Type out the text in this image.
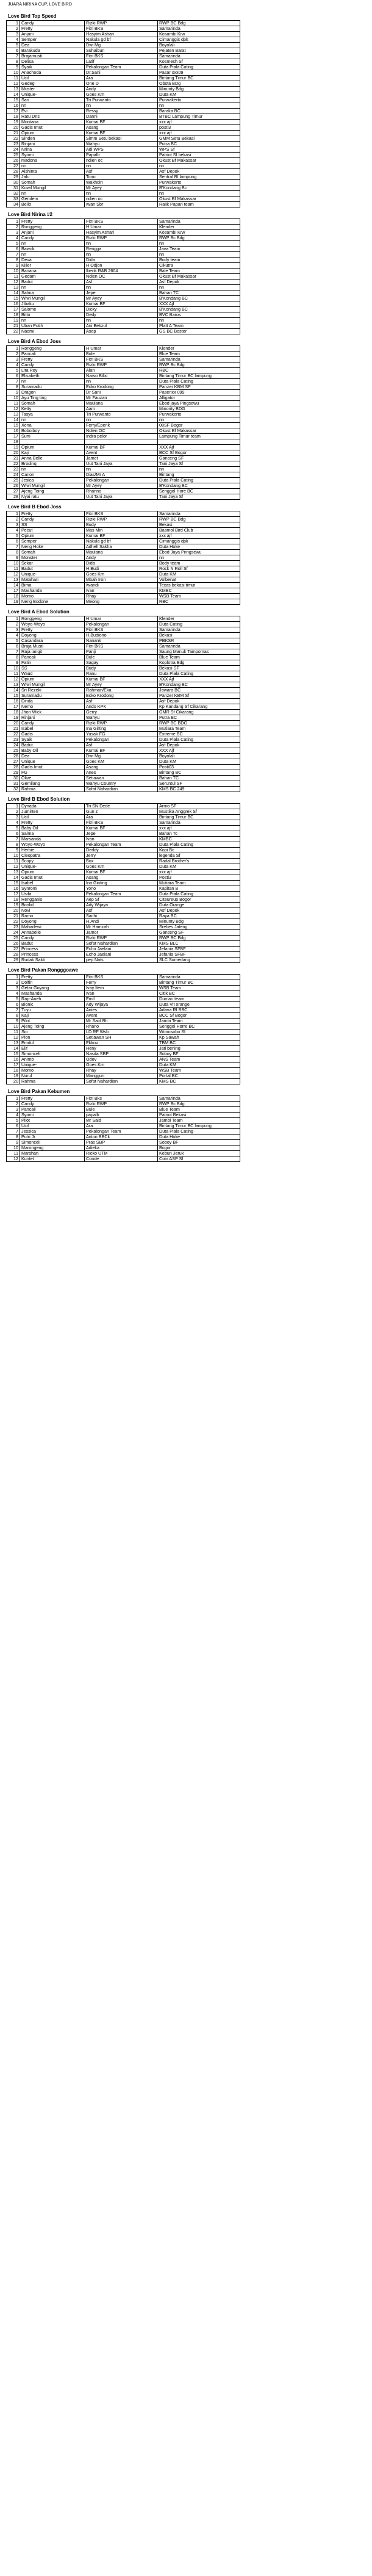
JUARA NIRINA CUP, LOVE BIRD
Love Bird Top Speed
1	Candy	Rizki RWP	RWP BC Bdg
2	Fretty	Fitri BKS	Samarinda
3	Anjani	Hasyim Ashari	Kosambi Krw
4	Semper	Nakula gd bf	Cimanggis dpk
5	Dea	Dwi Mg	Boyolali
6	Barakuda	Suhaibun	Pejaten Barat
7	Brajamusti	Fitri BKS	Samarinda
8	Delisa	Latif	Kosmesh Sf
9	Syaik	Pekalongan Team	Duta Piala Cating
10	Anachoda	Dr.Sani	Pasar xxx09
11	Ucil	Ara	Bintang Timur BC
12	Gedeg	One D	Obsta BDg
13	Muster	Andy	Minunty Bdg
14	Unique-	Goes Km	Duta KM
15	Sari	Tri Purwanto	Purwakerto
16	nn	nn	nn
17	Evi	Ressy	Baraka BC
18	Ratu Dns	Danni	BTBC Lampung Timur
19	Montana	Kumai BF	xxx ajf
20	Gadis Imut	Asang	posti3
21	Opium	Kumai BF	xxx ajf
22	Sinden	Simm Setu bekasi	GMM Setu Bekasi
23	Rinjani	Wahyu	Putra BC
24	Nrina	Adi WPS	WPS Sf
25	Syomi	Papalb	Patriot Sf bekasi
26	madona	ndien oc	Okust Bf Makassar
27	nn	nn	nn
28	Alshinta	Asf	Asf Depok
29	Jalu	Tono	Sentral Bf lampung
30	Somah	Wakhdin	Purwakerto
31	Kowil Mungil	Mr Ayey	B'Kondang Bc
32	nn	nn	nn
33	Gendem	ndien oc	Okust Bf Makassar
34	Bello	Iwan Sbr	Raiik Papan team
Love Bird Nirina #2
1	Fretty	Fitri BKS	Samarinda
2	Ronggeng	H.Umar	Klender
3	Anjani	Hasyim Ashari	Kosambi Krw
4	Candy	Rizki RWP	RWP Bc Bdg
5	nn	nn	nn
6	Bawok	Rengga	Java Team
7	nn	nn	nn
8	Deva	Dida	Body team
9	Killer	H Odjon	Cikutra
10	Banana	Ibenk R&B 2604	Bale Team
11	Gedam	Ndien OC	Okust Bf Makassar
12	Badut	Asf	Asf Depok
13	nn	nn	nn
14	Salma	Jepe	Bahan TC
15	Wiwi Mungil	Mr Ayey	B'Kondang BC
16	Jibaku	Kumai BF	XXX Ajf
17	Salome	Dicky	B'Kondang BC
18	Bitto	Dedy	BVC Baros
19	nn	nn	nn
21	Uban Putih	Ani Bekzul	Platt A Team
22	Naomi	Asep	GS BC Boster
Love Bird A Ebod Joss
1	Ronggeng	H Umar	Klender
2	Pancali	Bule	Blue Team
3	Fretty	Fitri BKS	Samarinda
4	Candy	Rizki RWP	RWP Bc Bdg
5	Lita Roy	Alan	RBC
6	Elisabeth	Narso Btbc	Bintang Timur BC lampung
7	nn	nn	Duta Piala Cating
8	Suramadu	Ecko Krodong	Panzer KBM SF
9	Dragon	Dr Sani	Pasenxx 099
10	Ayu Ting ting	Mr Fauzan	Alligator
11	Somah	Maulana	Ebod jaya Pingsewu
12	Ketty	Aam	Minority BDG
13	Tasya	Tri Purwanto	Purwakerto
14	nn	nn	nn
15	Xena	Ferry/Epenk	08SF Bogor
16	Boboiboy	Ndien OC	Okust Bf Makassar
17	Surti	Indra pelor	Lampung Timur team
18			
19	Opium	Kumai BF	XXX Ajf
20	Kaji	Avent	BCC Sf Bogor
21	Anna Belle	Jamet	Ganceng SF
22	Brodinq	Uut Tani Jaya	Tani Jaya Sf
23	nn	nn	nn
24	Canon	Dias/Mr A	Bintang
25	Jesica	Pekalongan	Duta Piala Cating
26	Wiwi Mungil	Mr Ayey	B'Kondang BC
27	Ajeng Toing	Rhanno	Senggol Hore BC
28	Nyai ratu	Uut Tani Jaya	Tani Jaya Sf
Love Bird B Ebod Joss
1	Fretty	Fitri BKS	Samarinda
2	Candy	Rizki RWP	RWP BC Bdg
3	SS	Budy	Bekasi
4	Pecut	Mas Min	Basmol Bird Club
5	Opium	Kumai BF	xxx ajf
6	Semper	Nakula gd bf	Cimanggis dpk
7	Neng Hoke	Adhell Sakha	Duta Hoke
8	Somah	Maulana	Ebod Jaya Pringsewu
9	Monster	Andy	nn
10	Sekar	Dida	Body team
11	Badut	H.Budi	Rock N Roll Sf
12	Unique-	Goes Km	Duta KM
13	Matahari	Mbah Iron	Volbenat
14	Bima	Iwandi	Texas bekasi timut
17	Mashanda	Ivan	KMBC
18	Momo	Rhay	WSB Team
19	Neng Bodone	Meong	RBC
Love Bird A Ebod Solution
1	Ronggeng	H.Umar	Klender
2	Woyo-Woyo	Pekalongan	Duta Cating
3	Fretty	Fitri BKS	Samarinda
4	Doyong	H.Budiono	Bekasi
5	Casandara	Nanank	PBKSR
6	Braja Musti	Fitri BKS	Samarinda
7	Raja langit	Panji	Saung Manuk Tampomas
8	Pancali	Bule	Blue Team
9	Fatin	Sagay	Koplotra Bdg
10	SS	Budy	Bekasi SF
11	Waud	Ranu	Duta Piala Cating
12	Opium	Kumai BF	XXX Ajf
13	Wiwi Mungil	Mr Ayey	B'Kondang BC
14	Sri Rezeki	Rahman/Eka	Jawara BC
15	Suramadu	Ecko Krodong	Panzer KBM Sf
16	Dinda	Asf	Asf Depok
17	Nemo	Ando KPK	Kp Kandang Sf Cikarang
18	Jhon Wick	Gerry	GMR Sf Cikarang
19	Rinjani	Wahyu	Putra BC
20	Candy	Rizki RWP	RWP BC BDG
21	Isabel	Ina Girting	Mutiara Team
22	Gadis	Yusak FG	Extreme BC
23	Syaik	Pekalongan	Duta Piala Cating
24	Badut	Asf	Asf Depok
25	Baby Oil	Kumai BF	XXX Ajf
26	Dea	Dwi Mg	Boyolali
27	Unique	Goes KM	Duta KM
28	Gadis Imut	Asang	Posti03
29	FG	Anes	Bintang BC
30	Olive	Setiawan	Bahan TC
31	Gemilang	Wahyu Country	Seruntul SF
32	Rahma	Sofat Nahardian	KMS BC 249
Love Bird B Ebod Solution
1	Dynada	Tri SN Dede	Armo SF
2	Jumirten	Gun z	Mustika Anggrek Sf
3	Ucil	Ara	Bintang Timur BC
4	Fretty	Fitri BKS	Samarinda
5	Baby Oil	Kumai BF	xxx ajf
6	Salma	Jepe	Bahan Tc
7	Marsanda	Ivan	KMBC
8	Woyo-Woyo	Pekalongan Team	Duta Piala Cating
9	Herbie	Deddy	Kopi Bc
10	Cleopatra	Jerry	legenda Sf
11	Scopy	Box	Radal Brother's
12	Unique-	Goes Km	Duta KM
13	Opium	Kumai BF	xxx ajf
14	Gadis Imut	Asang	Posti3
15	Isabel	Ina Ginting	Mutiara Team
16	Synromi	Yono	Kapitan B
17	Usifa	Pekalongan Team	Duta Piala Cating
18	Rengganis	Aep Sf	Citeureup Bogor
19	Bonlid	Ady Wijaya	Duta Orange
20	Novi	Asf	Asf Depok
21	Ramo	Sachi	Raya BC
22	Doyong	H.Andi	Minunty Bdg
23	Mahadewi	Mr Hamzah	Srebes Jateng
24	Annabelle	Jamor	Ganceng SF
25	Candy	Rizki RWP	RWP BC Bdg
26	Badut	Sofat Nahardian	KMS BLC
27	Princess	Echo Jaelani	Jefania SFBF
28	Princess	Echo Jaelani	Jefania SFBF
29	Rudak Sakti	pep Nats	SLC Sumedang
Love Bird Pakan Rongggoawe
1	Fretty	Fitri BKS	Samarinda
2	Dolfin	Ferry	Bintang Timur BC
3	Getar Goyang	Ivay Item	WSB Team
4	Mashanda	Ivan	Citik BC
5	Rap-Aneh	Emil	Duman team
6	Bionic	Ady Wijaya	Duta Vit orange
7	Tuyu	Anies	Adava Rf BBC
8	Kaji	Avent	BCC Sf Bogor
9	Pilot	Mr Said Bh	Jambi Team
10	Ajeng Toing	Rhano	Senggol Horre BC
11	Sio	LD RF Wsb	Wonosobo Sf
12	Pion	Setiawan SH	Kp Sawah
13	Emdul	Ekkov	TBM BC
14	Elif	Heny	Jati bening
15	Simonceli	Nasda SBP	Soboy BF
16	Animb	Odov	ANS Team
17	Unique-	Goes Km	Duta KM
18	Momo	Rhay	WSB Team
19	Nurul	Manggun	Portal BC
20	Rahma	Sofat Nahardian	KMS BC
Love Bird Pakan Kebumen
1	Fretty	Fitri Bks	Samarinda
2	Candy	Rizki RWP	RWP Bc Bdg
3	Pancali	Bule	Blue Team
4	Syomi	papalb	Patriot Bekasi
5	Pilot	Mr Said	Jambi Team
6	Ucil	Ara	Bintang Timur BC lampung
7	Jessica	Pekalongan Team	Duta Piala Cating
8	Putri Jr	Anton BBCk	Duta Hoke
9	Simonceli	Pras SBP	Soboy BF
10	Marongeng	Adieka	Bogor
11	Marshan	Ricko UTM	Kebun Jeruk
12	Kuntet	Conde	Coin ASP Sf
